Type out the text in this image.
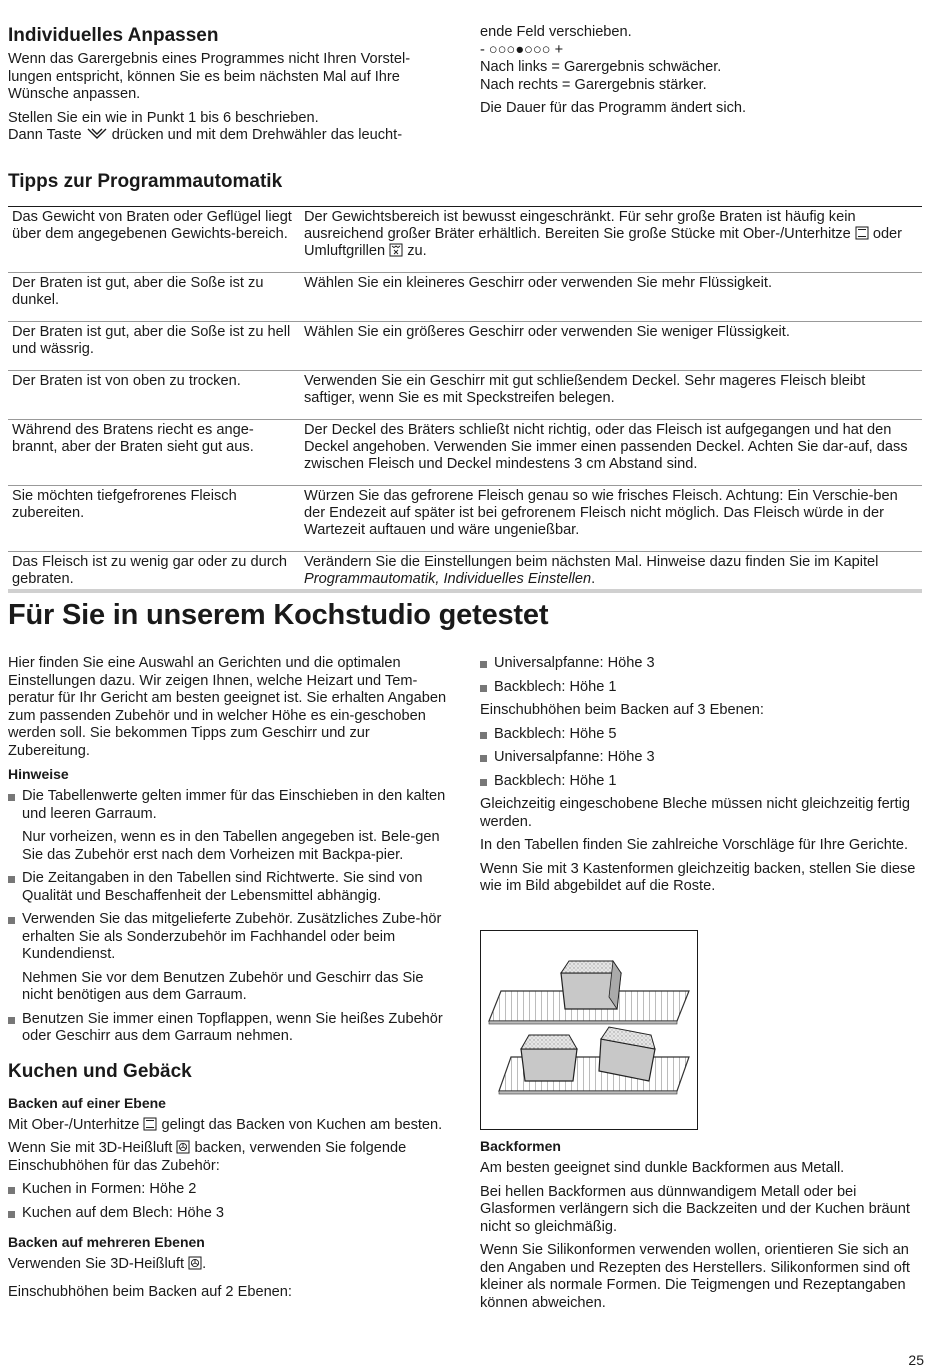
Individuelles Anpassen

Wenn das Garergebnis eines Programmes nicht Ihren Vorstel-lungen entspricht, können Sie es beim nächsten Mal auf Ihre Wünsche anpassen.

Stellen Sie ein wie in Punkt 1 bis 6 beschrieben.

Dann Taste drücken und mit dem Drehwähler das leucht-

ende Feld verschieben.
- ○○○●○○○ +
Nach links = Garergebnis schwächer.
Nach rechts = Garergebnis stärker.

Die Dauer für das Programm ändert sich.

Tipps zur Programmautomatik
Das Gewicht von Braten oder Geflügel liegt über dem angegebenen Gewichts-bereich.	Der Gewichtsbereich ist bewusst eingeschränkt. Für sehr große Braten ist häufig kein ausreichend großer Bräter erhältlich. Bereiten Sie große Stücke mit Ober-/Unterhitze oder Umluftgrillen zu.
Der Braten ist gut, aber die Soße ist zu dunkel.	Wählen Sie ein kleineres Geschirr oder verwenden Sie mehr Flüssigkeit.
Der Braten ist gut, aber die Soße ist zu hell und wässrig.	Wählen Sie ein größeres Geschirr oder verwenden Sie weniger Flüssigkeit.
Der Braten ist von oben zu trocken.	Verwenden Sie ein Geschirr mit gut schließendem Deckel. Sehr mageres Fleisch bleibt saftiger, wenn Sie es mit Speckstreifen belegen.
Während des Bratens riecht es ange-brannt, aber der Braten sieht gut aus.	Der Deckel des Bräters schließt nicht richtig, oder das Fleisch ist aufgegangen und hat den Deckel angehoben. Verwenden Sie immer einen passenden Deckel. Achten Sie dar-auf, dass zwischen Fleisch und Deckel mindestens 3 cm Abstand sind.
Sie möchten tiefgefrorenes Fleisch zubereiten.	Würzen Sie das gefrorene Fleisch genau so wie frisches Fleisch. Achtung: Ein Verschie-ben der Endezeit auf später ist bei gefrorenem Fleisch nicht möglich. Das Fleisch würde in der Wartezeit auftauen und wäre ungenießbar.
Das Fleisch ist zu wenig gar oder zu durch gebraten.	Verändern Sie die Einstellungen beim nächsten Mal. Hinweise dazu finden Sie im Kapitel Programmautomatik, Individuelles Einstellen.
Für Sie in unserem Kochstudio getestet

Hier finden Sie eine Auswahl an Gerichten und die optimalen Einstellungen dazu. Wir zeigen Ihnen, welche Heizart und Tem-peratur für Ihr Gericht am besten geeignet ist. Sie erhalten Angaben zum passenden Zubehör und in welcher Höhe es ein-geschoben werden soll. Sie bekommen Tipps zum Geschirr und zur Zubereitung.

Hinweise
Die Tabellenwerte gelten immer für das Einschieben in den kalten und leeren Garraum.
Nur vorheizen, wenn es in den Tabellen angegeben ist. Bele-gen Sie das Zubehör erst nach dem Vorheizen mit Backpa-pier.
Die Zeitangaben in den Tabellen sind Richtwerte. Sie sind von Qualität und Beschaffenheit der Lebensmittel abhängig.
Verwenden Sie das mitgelieferte Zubehör. Zusätzliches Zube-hör erhalten Sie als Sonderzubehör im Fachhandel oder beim Kundendienst.
Nehmen Sie vor dem Benutzen Zubehör und Geschirr das Sie nicht benötigen aus dem Garraum.
Benutzen Sie immer einen Topflappen, wenn Sie heißes Zubehör oder Geschirr aus dem Garraum nehmen.
Kuchen und Gebäck
Backen auf einer Ebene

Mit Ober-/Unterhitze gelingt das Backen von Kuchen am besten.

Wenn Sie mit 3D-Heißluft backen, verwenden Sie folgende Einschubhöhen für das Zubehör:

Kuchen in Formen: Höhe 2
Kuchen auf dem Blech: Höhe 3
Backen auf mehreren Ebenen

Verwenden Sie 3D-Heißluft .

Einschubhöhen beim Backen auf 2 Ebenen:

Universalpfanne: Höhe 3
Backblech: Höhe 1

Einschubhöhen beim Backen auf 3 Ebenen:

Backblech: Höhe 5
Universalpfanne: Höhe 3
Backblech: Höhe 1

Gleichzeitig eingeschobene Bleche müssen nicht gleichzeitig fertig werden.

In den Tabellen finden Sie zahlreiche Vorschläge für Ihre Gerichte.

Wenn Sie mit 3 Kastenformen gleichzeitig backen, stellen Sie diese wie im Bild abgebildet auf die Roste.

Backformen

Am besten geeignet sind dunkle Backformen aus Metall.

Bei hellen Backformen aus dünnwandigem Metall oder bei Glasformen verlängern sich die Backzeiten und der Kuchen bräunt nicht so gleichmäßig.

Wenn Sie Silikonformen verwenden wollen, orientieren Sie sich an den Angaben und Rezepten des Herstellers. Silikonformen sind oft kleiner als normale Formen. Die Teigmengen und Rezeptangaben können abweichen.

25
